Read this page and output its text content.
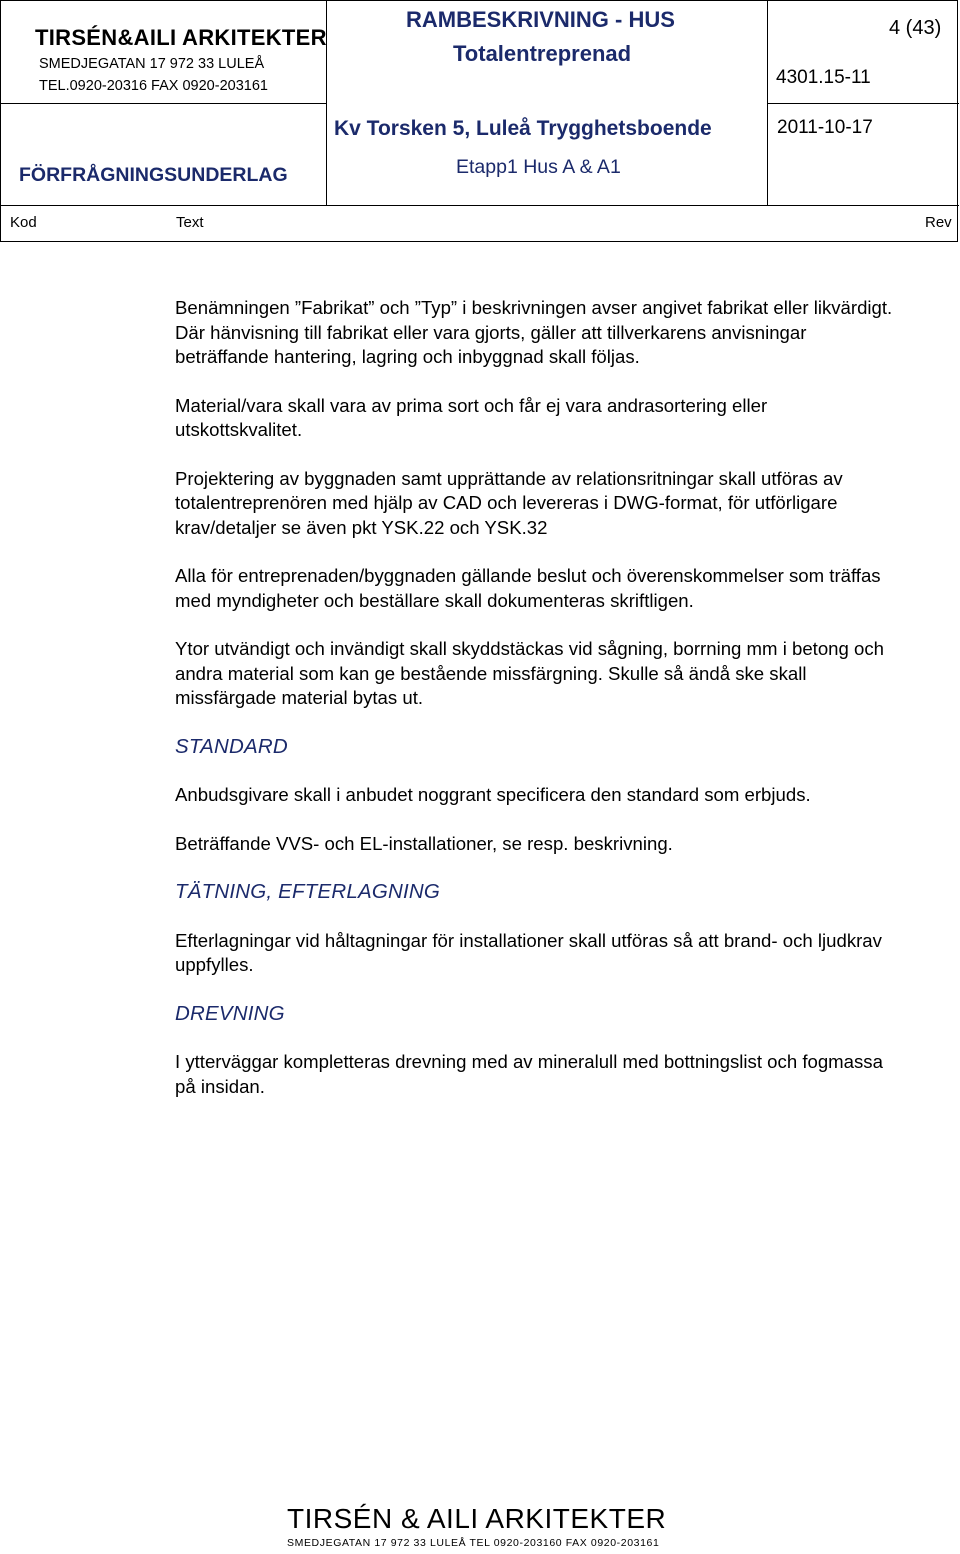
TIRSÉN&AILI ARKITEKTER
SMEDJEGATAN 17 972 33 LULEÅ
TEL.0920-20316 FAX 0920-203161
RAMBESKRIVNING - HUS
Totalentreprenad
4301.15-11
4 (43)
Kv Torsken 5, Luleå Trygghetsboende	2011-10-17
FÖRFRÅGNINGSUNDERLAG	Etapp1 Hus A & A1
Kod	Text	Rev

Benämningen ”Fabrikat” och ”Typ” i beskrivningen avser angivet fabrikat eller likvärdigt.

Där hänvisning till fabrikat eller vara gjorts, gäller att tillverkarens anvisningar beträffande hantering, lagring och inbyggnad skall följas.

Material/vara skall vara av prima sort och får ej vara andrasortering eller utskottskvalitet.

Projektering av byggnaden samt upprättande av relationsritningar skall utföras av totalentreprenören med hjälp av CAD och levereras i DWG-format, för utförligare krav/detaljer se även pkt YSK.22 och YSK.32

Alla för entreprenaden/byggnaden gällande beslut och överenskommelser som träffas med myndigheter och beställare skall dokumenteras skriftligen.

Ytor utvändigt och invändigt skall skyddstäckas vid sågning, borrning mm i betong och andra material som kan ge bestående missfärgning. Skulle så ändå ske skall missfärgade material bytas ut.

STANDARD

Anbudsgivare skall i anbudet noggrant specificera den standard som erbjuds.

Beträffande VVS- och EL-installationer, se resp. beskrivning.

TÄTNING, EFTERLAGNING

Efterlagningar vid håltagningar för installationer skall utföras så att brand- och ljudkrav uppfylles.

DREVNING

I ytterväggar kompletteras drevning med av mineralull med bottningslist och fogmassa på insidan.

TIRSÉN & AILI ARKITEKTER
SMEDJEGATAN 17 972 33 LULEÅ TEL 0920-203160 FAX 0920-203161
